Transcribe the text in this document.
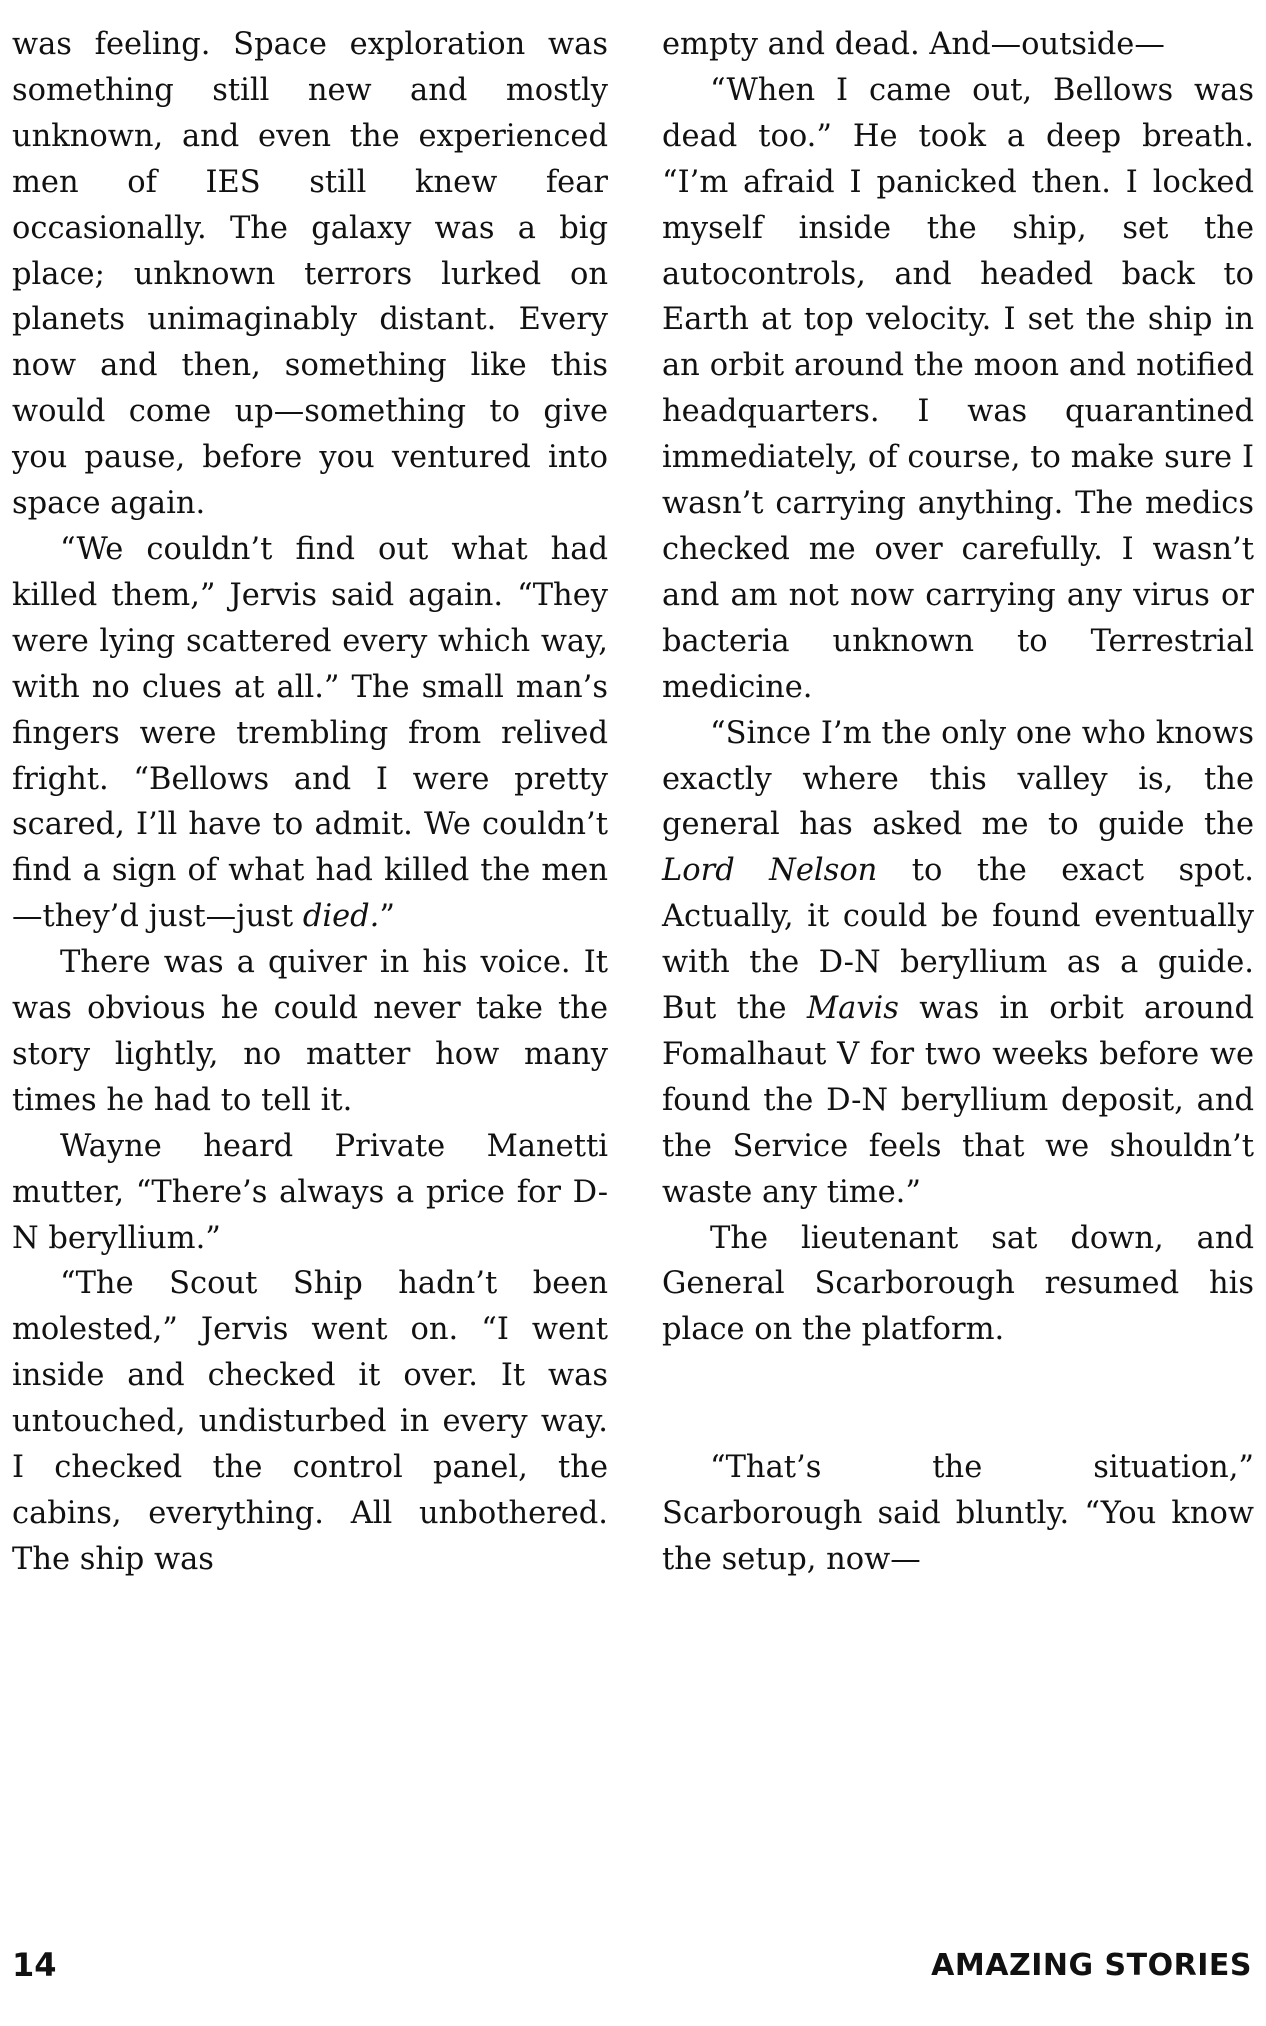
was feeling. Space exploration was something still new and mostly unknown, and even the experienced men of IES still knew fear occasionally. The galaxy was a big place; unknown terrors lurked on planets unimaginably distant. Every now and then, something like this would come up—something to give you pause, before you ventured into space again.

“We couldn’t find out what had killed them,” Jervis said again. “They were lying scattered every which way, with no clues at all.” The small man’s fingers were trembling from relived fright. “Bellows and I were pretty scared, I’ll have to admit. We couldn’t find a sign of what had killed the men—they’d just—just died.”

There was a quiver in his voice. It was obvious he could never take the story lightly, no matter how many times he had to tell it.

Wayne heard Private Manetti mutter, “There’s always a price for D-N beryllium.”

“The Scout Ship hadn’t been molested,” Jervis went on. “I went inside and checked it over. It was untouched, undisturbed in every way. I checked the control panel, the cabins, everything. All unbothered. The ship was

empty and dead. And—outside—

“When I came out, Bellows was dead too.” He took a deep breath. “I’m afraid I panicked then. I locked myself inside the ship, set the autocontrols, and headed back to Earth at top velocity. I set the ship in an orbit around the moon and notified headquarters. I was quarantined immediately, of course, to make sure I wasn’t carrying anything. The medics checked me over carefully. I wasn’t and am not now carrying any virus or bacteria unknown to Terrestrial medicine.

“Since I’m the only one who knows exactly where this valley is, the general has asked me to guide the Lord Nelson to the exact spot. Actually, it could be found eventually with the D-N beryllium as a guide. But the Mavis was in orbit around Fomalhaut V for two weeks before we found the D-N beryllium deposit, and the Service feels that we shouldn’t waste any time.”

The lieutenant sat down, and General Scarborough resumed his place on the platform.

“That’s the situation,” Scarborough said bluntly. “You know the setup, now—

14	AMAZING STORIES
